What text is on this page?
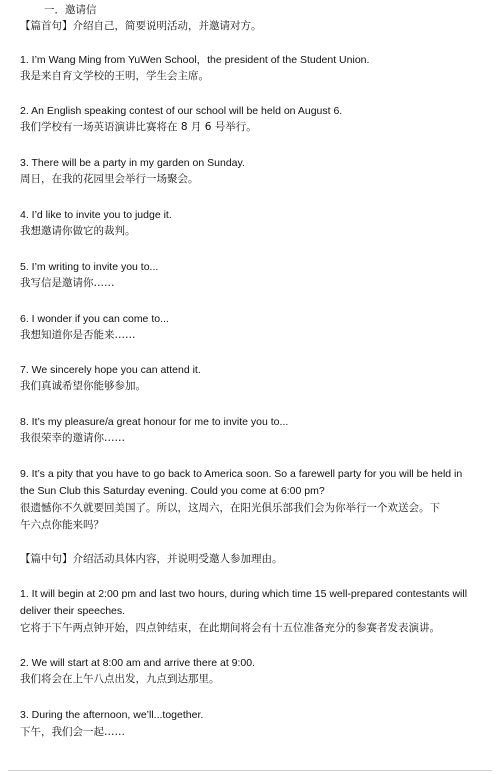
一．邀请信
【篇首句】介绍自己，简要说明活动，并邀请对方。
1. I’m Wang Ming from YuWen School，the president of the Student Union.
我是来自育文学校的王明，学生会主席。
2. An English speaking contest of our school will be held on August 6.
我们学校有一场英语演讲比赛将在 8 月 6 号举行。
3. There will be a party in my garden on Sunday.
周日，在我的花园里会举行一场聚会。
4. I’d like to invite you to judge it.
我想邀请你做它的裁判。
5. I’m writing to invite you to...
我写信是邀请你……
6. I wonder if you can come to...
我想知道你是否能来……
7. We sincerely hope you can attend it.
我们真诚希望你能够参加。
8. It’s my pleasure/a great honour for me to invite you to...
我很荣幸的邀请你……
9. It’s a pity that you have to go back to America soon. So a farewell party for you will be held in
the Sun Club this Saturday evening. Could you come at 6:00 pm?
很遗憾你不久就要回美国了。所以，这周六，在阳光俱乐部我们会为你举行一个欢送会。下
午六点你能来吗？
【篇中句】介绍活动具体内容，并说明受邀人参加理由。
1. It will begin at 2:00 pm and last two hours, during which time 15 well-prepared contestants will
deliver their speeches.
它将于下午两点钟开始，四点钟结束，在此期间将会有十五位准备充分的参赛者发表演讲。
2. We will start at 8:00 am and arrive there at 9:00.
我们将会在上午八点出发，九点到达那里。
3. During the afternoon, we’ll...together.
下午，我们会一起……
